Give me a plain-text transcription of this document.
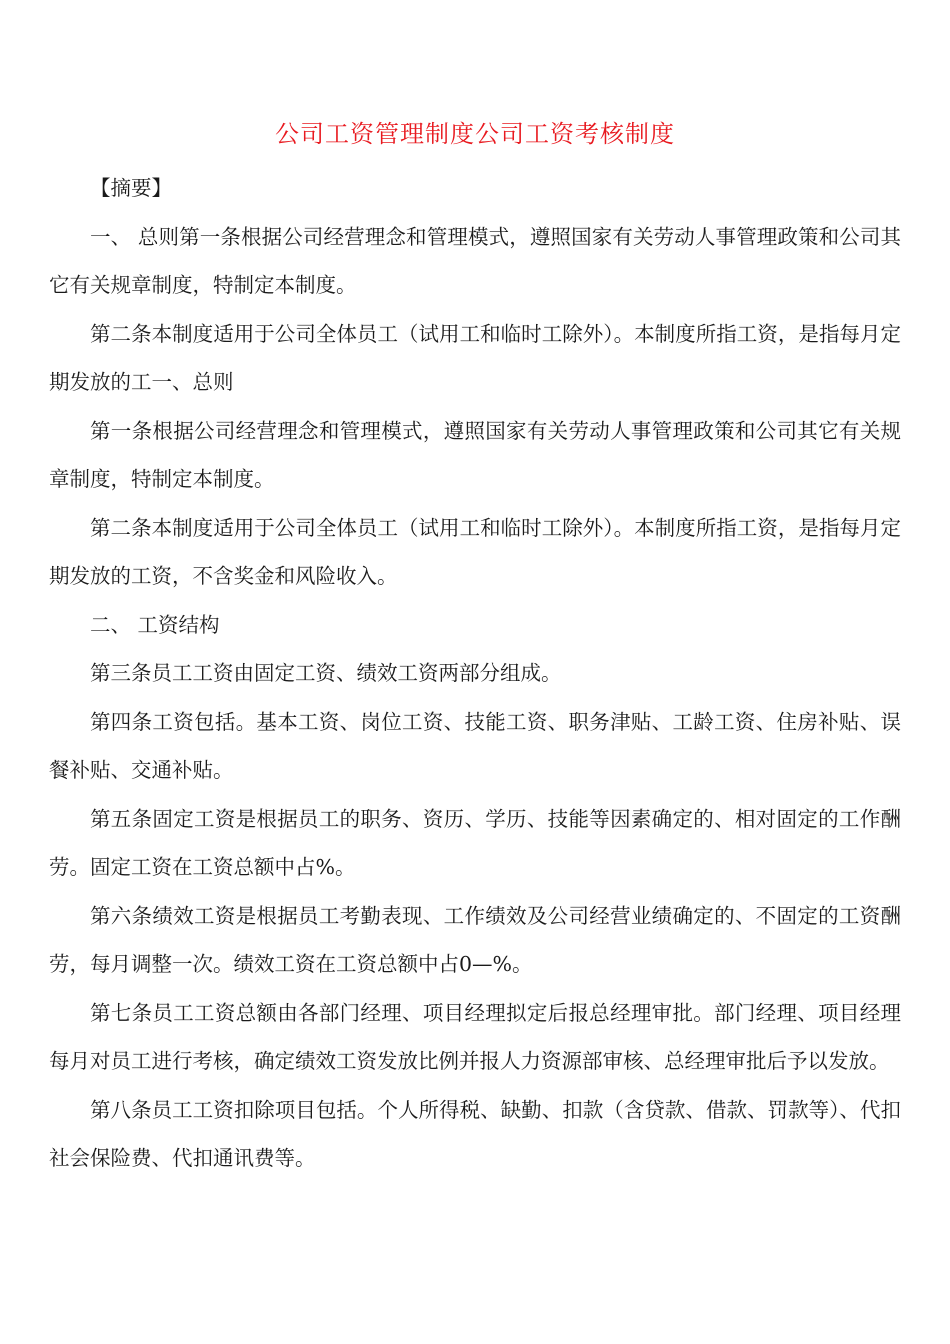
公司工资管理制度公司工资考核制度

【摘要】

一、 总则第一条根据公司经营理念和管理模式，遵照国家有关劳动人事管理政策和公司其它有关规章制度，特制定本制度。

第二条本制度适用于公司全体员工（试用工和临时工除外）。本制度所指工资，是指每月定期发放的工一、总则

第一条根据公司经营理念和管理模式，遵照国家有关劳动人事管理政策和公司其它有关规章制度，特制定本制度。

第二条本制度适用于公司全体员工（试用工和临时工除外）。本制度所指工资，是指每月定期发放的工资，不含奖金和风险收入。

二、 工资结构

第三条员工工资由固定工资、绩效工资两部分组成。

第四条工资包括。基本工资、岗位工资、技能工资、职务津贴、工龄工资、住房补贴、误餐补贴、交通补贴。

第五条固定工资是根据员工的职务、资历、学历、技能等因素确定的、相对固定的工作酬劳。固定工资在工资总额中占%。

第六条绩效工资是根据员工考勤表现、工作绩效及公司经营业绩确定的、不固定的工资酬劳，每月调整一次。绩效工资在工资总额中占0—%。

第七条员工工资总额由各部门经理、项目经理拟定后报总经理审批。部门经理、项目经理每月对员工进行考核，确定绩效工资发放比例并报人力资源部审核、总经理审批后予以发放。

第八条员工工资扣除项目包括。个人所得税、缺勤、扣款（含贷款、借款、罚款等）、代扣社会保险费、代扣通讯费等。
